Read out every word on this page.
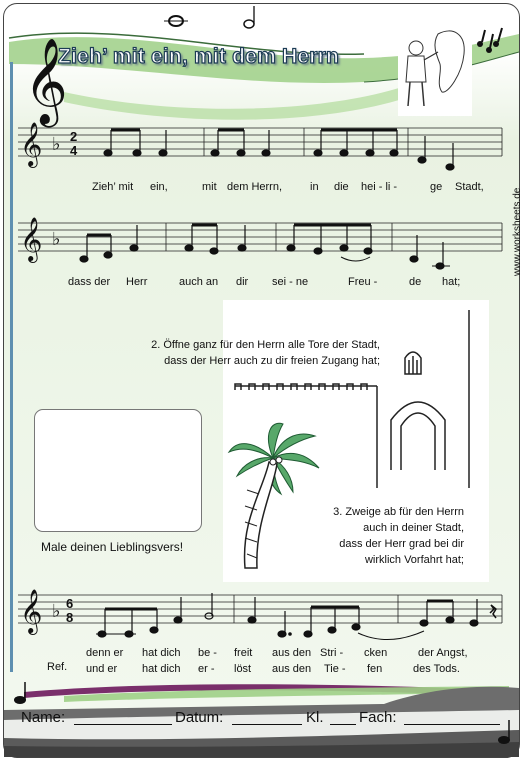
𝄞
Zieh’ mit ein, mit dem Herrn
𝄞 ♭ 2
4
Zieh’ mit ein,	mit dem Herrn,	in die hei - li -	ge Stadt,
𝄞 ♭
dass der Herr	auch an dir sei - ne	Freu -	de hat;
www.worksheets.de
2. Öffne ganz für den Herrn alle Tore der Stadt,
dass der Herr auch zu dir freien Zugang hat;
3. Zweige ab für den Herrn
auch in deiner Stadt,
dass der Herr grad bei dir
wirklich Vorfahrt hat;
Male deinen Lieblingsvers!
𝄞 ♭ 6
8
Ref.
denn er hat dich be - freit aus den Stri - cken	der Angst,
und er hat dich er - löst aus den Tie - fen	des Tods.
Name:	Datum:	Kl. Fach:
